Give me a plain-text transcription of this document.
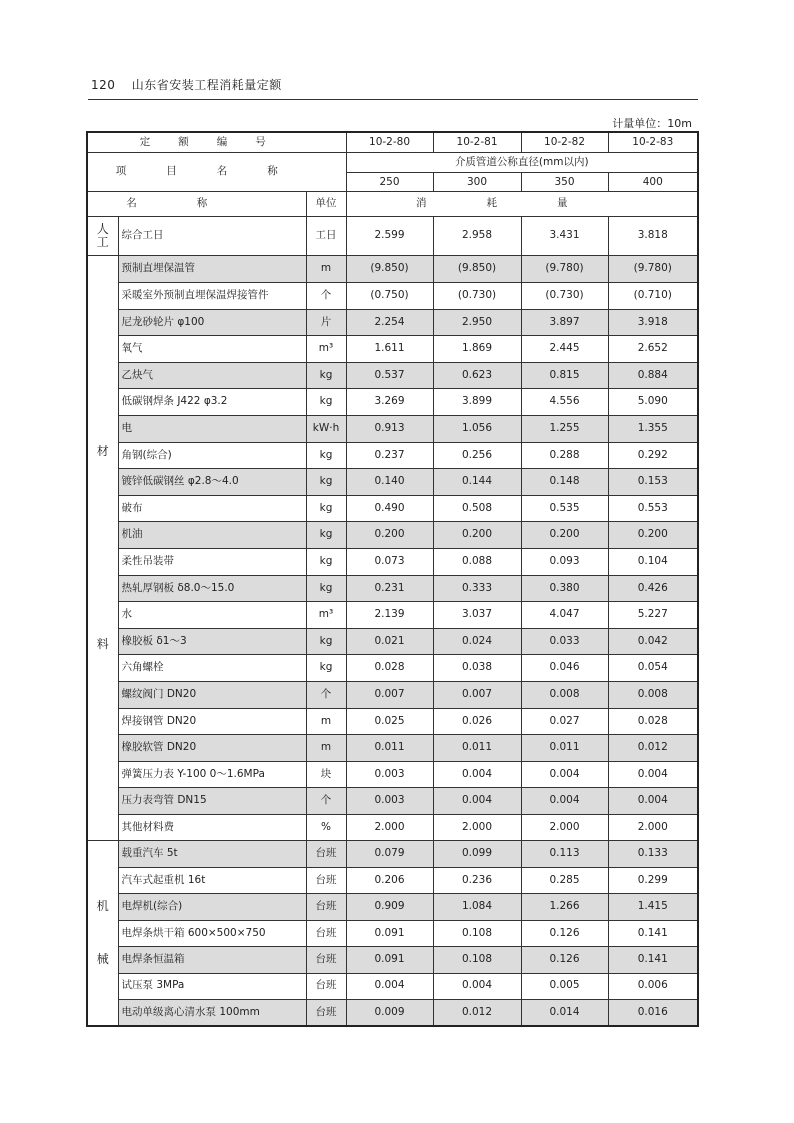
120 山东省安装工程消耗量定额
计量单位：10m
定额编号			10-2-80	10-2-81	10-2-82	10-2-83
项目名称			介质管道公称直径(mm以内)			
			250	300	350	400
名称		单位	消耗量			
人
工	综合工日	工日	2.599	2.958	3.431	3.818
材
料	预制直埋保温管	m	(9.850)	(9.850)	(9.780)	(9.780)
	采暖室外预制直埋保温焊接管件	个	(0.750)	(0.730)	(0.730)	(0.710)
	尼龙砂轮片 φ100	片	2.254	2.950	3.897	3.918
	氧气	m³	1.611	1.869	2.445	2.652
	乙炔气	kg	0.537	0.623	0.815	0.884
	低碳钢焊条 J422 φ3.2	kg	3.269	3.899	4.556	5.090
	电	kW·h	0.913	1.056	1.255	1.355
	角钢(综合)	kg	0.237	0.256	0.288	0.292
	镀锌低碳钢丝 φ2.8～4.0	kg	0.140	0.144	0.148	0.153
	破布	kg	0.490	0.508	0.535	0.553
	机油	kg	0.200	0.200	0.200	0.200
	柔性吊装带	kg	0.073	0.088	0.093	0.104
	热轧厚钢板 δ8.0～15.0	kg	0.231	0.333	0.380	0.426
	水	m³	2.139	3.037	4.047	5.227
	橡胶板 δ1～3	kg	0.021	0.024	0.033	0.042
	六角螺栓	kg	0.028	0.038	0.046	0.054
	螺纹阀门 DN20	个	0.007	0.007	0.008	0.008
	焊接钢管 DN20	m	0.025	0.026	0.027	0.028
	橡胶软管 DN20	m	0.011	0.011	0.011	0.012
	弹簧压力表 Y-100 0～1.6MPa	块	0.003	0.004	0.004	0.004
	压力表弯管 DN15	个	0.003	0.004	0.004	0.004
	其他材料费	%	2.000	2.000	2.000	2.000
机
械	载重汽车 5t	台班	0.079	0.099	0.113	0.133
	汽车式起重机 16t	台班	0.206	0.236	0.285	0.299
	电焊机(综合)	台班	0.909	1.084	1.266	1.415
	电焊条烘干箱 600×500×750	台班	0.091	0.108	0.126	0.141
	电焊条恒温箱	台班	0.091	0.108	0.126	0.141
	试压泵 3MPa	台班	0.004	0.004	0.005	0.006
	电动单级离心清水泵 100mm	台班	0.009	0.012	0.014	0.016
